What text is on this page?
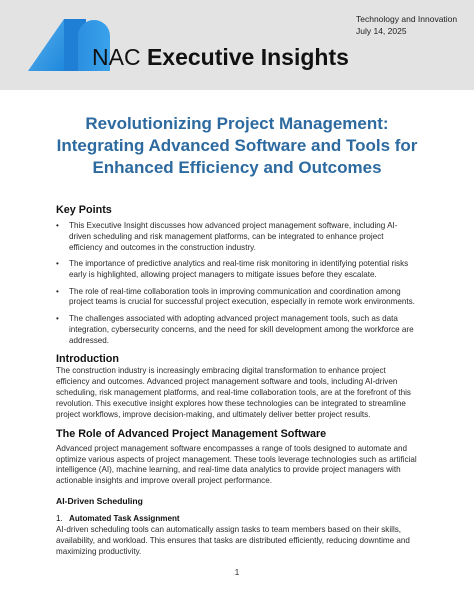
NAC Executive Insights
Technology and Innovation
July 14, 2025
Revolutionizing Project Management:
Integrating Advanced Software and Tools for
Enhanced Efficiency and Outcomes
Key Points
• This Executive Insight discusses how advanced project management software, including AI-driven scheduling and risk management platforms, can be integrated to enhance project efficiency and outcomes in the construction industry.
• The importance of predictive analytics and real-time risk monitoring in identifying potential risks early is highlighted, allowing project managers to mitigate issues before they escalate.
• The role of real-time collaboration tools in improving communication and coordination among project teams is crucial for successful project execution, especially in remote work environments.
• The challenges associated with adopting advanced project management tools, such as data integration, cybersecurity concerns, and the need for skill development among the workforce are addressed.
Introduction

The construction industry is increasingly embracing digital transformation to enhance project efficiency and outcomes. Advanced project management software and tools, including AI-driven scheduling, risk management platforms, and real-time collaboration tools, are at the forefront of this revolution. This executive insight explores how these technologies can be integrated to streamline project workflows, improve decision-making, and ultimately deliver better project results.

The Role of Advanced Project Management Software

Advanced project management software encompasses a range of tools designed to automate and optimize various aspects of project management. These tools leverage technologies such as artificial intelligence (AI), machine learning, and real-time data analytics to provide project managers with actionable insights and improve overall project performance.

AI-Driven Scheduling
1. Automated Task Assignment

AI-driven scheduling tools can automatically assign tasks to team members based on their skills, availability, and workload. This ensures that tasks are distributed efficiently, reducing downtime and maximizing productivity.

1
